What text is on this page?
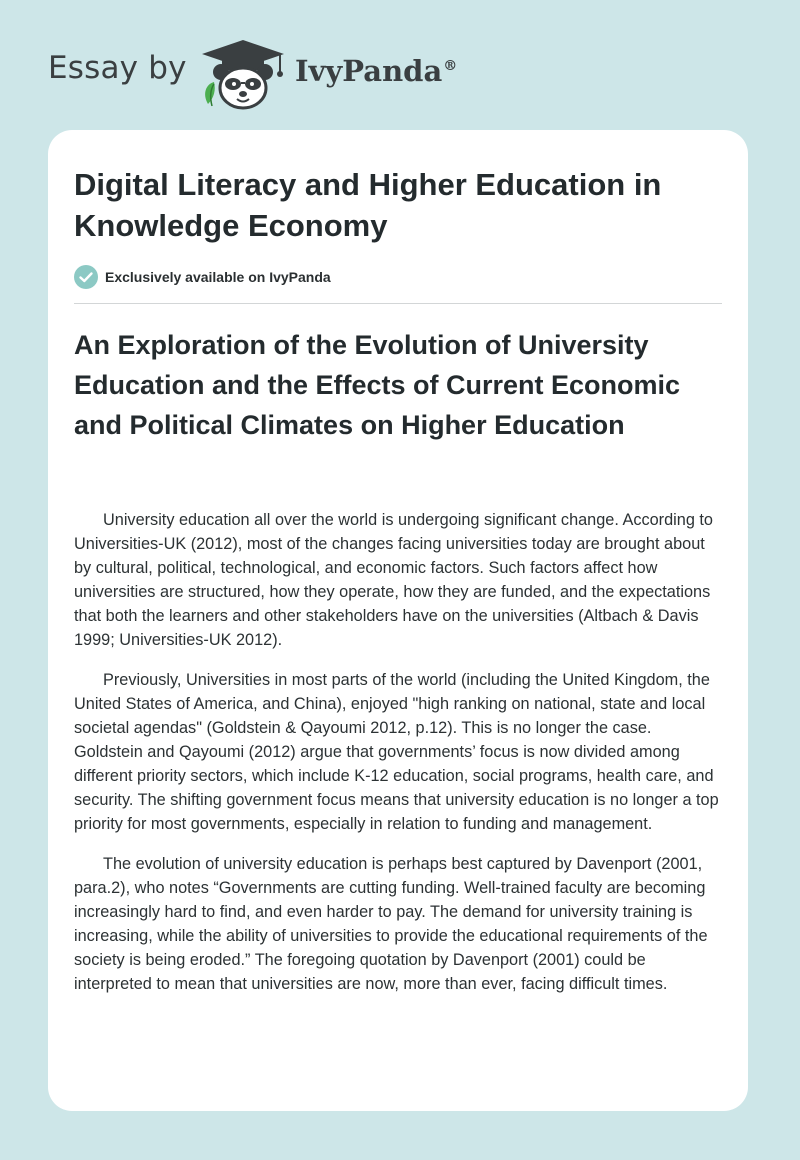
Essay by	IvyPanda®
Digital Literacy and Higher Education in Knowledge Economy
Exclusively available on IvyPanda
An Exploration of the Evolution of University Education and the Effects of Current Economic and Political Climates on Higher Education

University education all over the world is undergoing significant change. According to Universities-UK (2012), most of the changes facing universities today are brought about by cultural, political, technological, and economic factors. Such factors affect how universities are structured, how they operate, how they are funded, and the expectations that both the learners and other stakeholders have on the universities (Altbach & Davis 1999; Universities-UK 2012).

Previously, Universities in most parts of the world (including the United Kingdom, the United States of America, and China), enjoyed "high ranking on national, state and local societal agendas" (Goldstein & Qayoumi 2012, p.12). This is no longer the case. Goldstein and Qayoumi (2012) argue that governments’ focus is now divided among different priority sectors, which include K-12 education, social programs, health care, and security. The shifting government focus means that university education is no longer a top priority for most governments, especially in relation to funding and management.

The evolution of university education is perhaps best captured by Davenport (2001, para.2), who notes “Governments are cutting funding. Well-trained faculty are becoming increasingly hard to find, and even harder to pay. The demand for university training is increasing, while the ability of universities to provide the educational requirements of the society is being eroded.” The foregoing quotation by Davenport (2001) could be interpreted to mean that universities are now, more than ever, facing difficult times.
